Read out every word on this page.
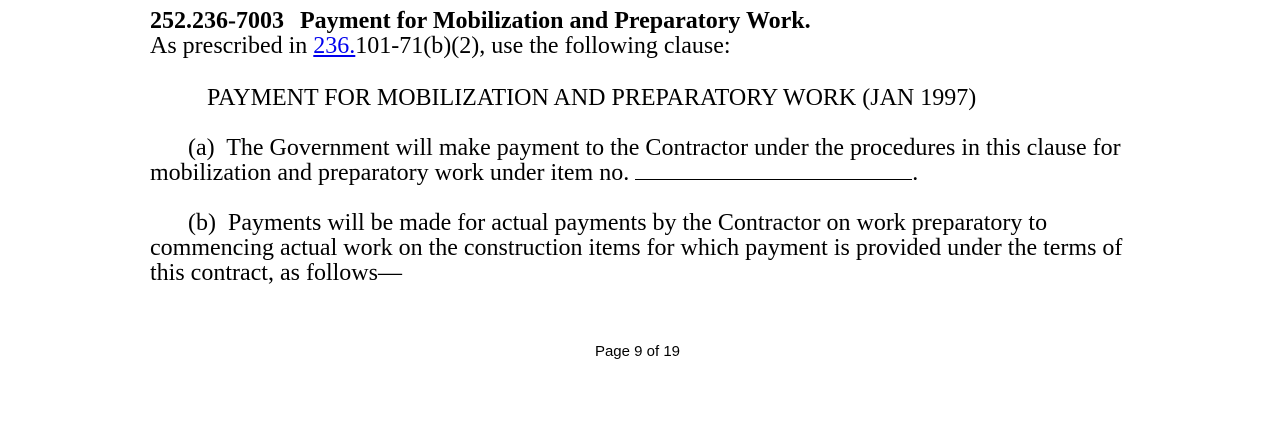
252.236-7003 Payment for Mobilization and Preparatory Work.

As prescribed in 236.101-71(b)(2), use the following clause:

PAYMENT FOR MOBILIZATION AND PREPARATORY WORK (JAN 1997)

(a) The Government will make payment to the Contractor under the procedures in this clause for mobilization and preparatory work under item no.	.

(b) Payments will be made for actual payments by the Contractor on work preparatory to commencing actual work on the construction items for which payment is provided under the terms of this contract, as follows—

Page 9 of 19
